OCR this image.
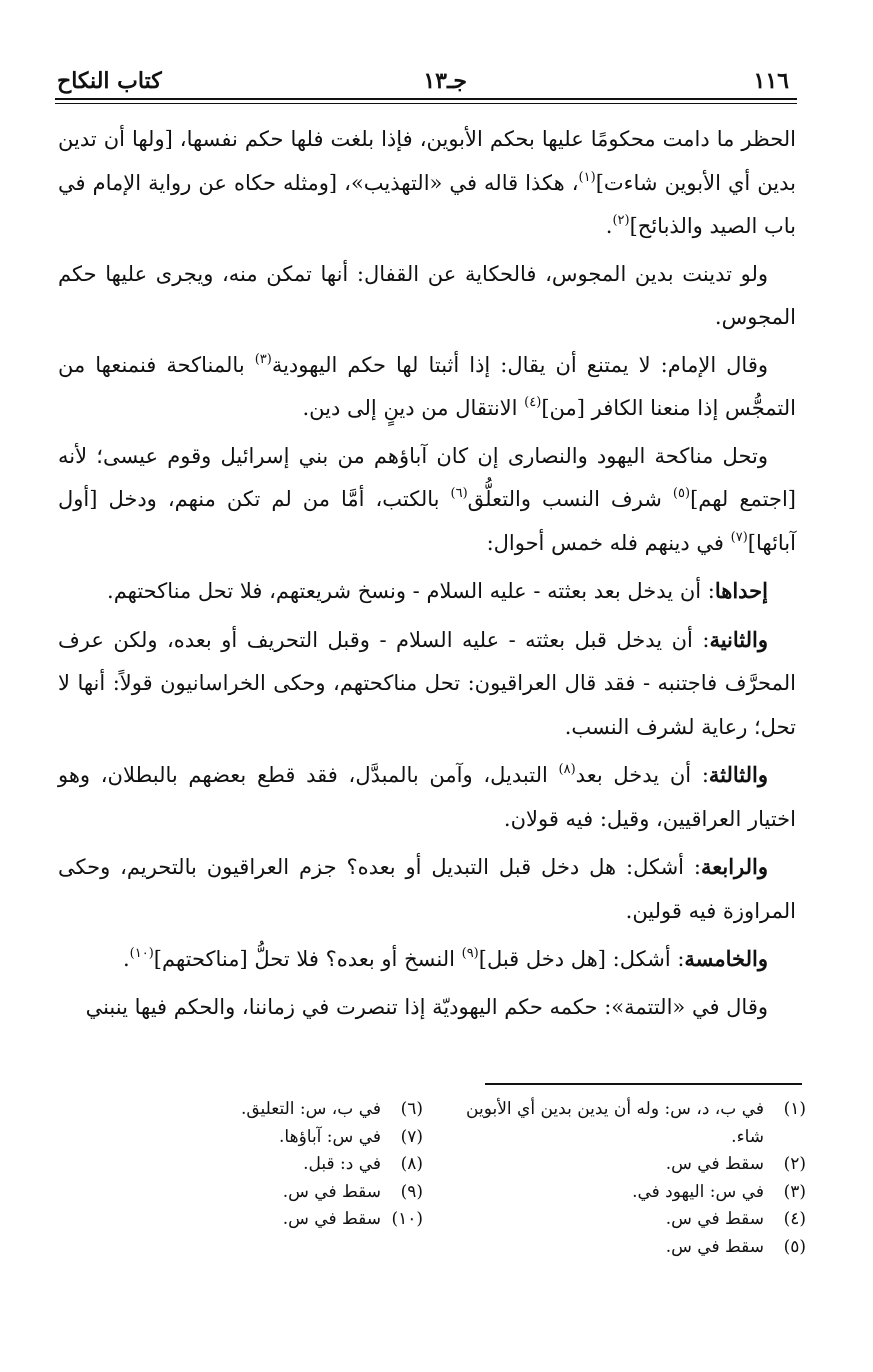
١١٦
جـ١٣
كتاب النكاح

الحظر ما دامت محكومًا عليها بحكم الأبوين، فإذا بلغت فلها حكم نفسها، [ولها أن تدين بدين أي الأبوين شاءت]$^{(١)}$، هكذا قاله في «التهذيب»، [ومثله حكاه عن رواية الإمام في باب الصيد والذبائح]$^{(٢)}$.

ولو تدينت بدين المجوس، فالحكاية عن القفال: أنها تمكن منه، ويجرى عليها حكم المجوس.

وقال الإمام: لا يمتنع أن يقال: إذا أثبتا لها حكم اليهودية$^{(٣)}$ بالمناكحة فنمنعها من التمجُّس إذا منعنا الكافر [من]$^{(٤)}$ الانتقال من دينٍ إلى دين.

وتحل مناكحة اليهود والنصارى إن كان آباؤهم من بني إسرائيل وقوم عيسى؛ لأنه [اجتمع لهم]$^{(٥)}$ شرف النسب والتعلُّق$^{(٦)}$ بالكتب، أمَّا من لم تكن منهم، ودخل [أول آبائها]$^{(٧)}$ في دينهم فله خمس أحوال:

إحداها: أن يدخل بعد بعثته - عليه السلام - ونسخ شريعتهم، فلا تحل مناكحتهم.

والثانية: أن يدخل قبل بعثته - عليه السلام - وقبل التحريف أو بعده، ولكن عرف المحرَّف فاجتنبه - فقد قال العراقيون: تحل مناكحتهم، وحكى الخراسانيون قولاً: أنها لا تحل؛ رعاية لشرف النسب.

والثالثة: أن يدخل بعد$^{(٨)}$ التبديل، وآمن بالمبدَّل، فقد قطع بعضهم بالبطلان، وهو اختيار العراقيين، وقيل: فيه قولان.

والرابعة: أشكل: هل دخل قبل التبديل أو بعده؟ جزم العراقيون بالتحريم، وحكى المراوزة فيه قولين.

والخامسة: أشكل: [هل دخل قبل]$^{(٩)}$ النسخ أو بعده؟ فلا تحلُّ [مناكحتهم]$^{(١٠)}$.

وقال في «التتمة»: حكمه حكم اليهوديّة إذا تنصرت في زماننا، والحكم فيها ينبني

(١)
في ب، د، س: وله أن يدين بدين أي الأبوين شاء.
(٢)
سقط في س.
(٣)
في س: اليهود في.
(٤)
سقط في س.
(٥)
سقط في س.
(٦)
في ب، س: التعليق.
(٧)
في س: آباؤها.
(٨)
في د: قبل.
(٩)
سقط في س.
(١٠)
سقط في س.
